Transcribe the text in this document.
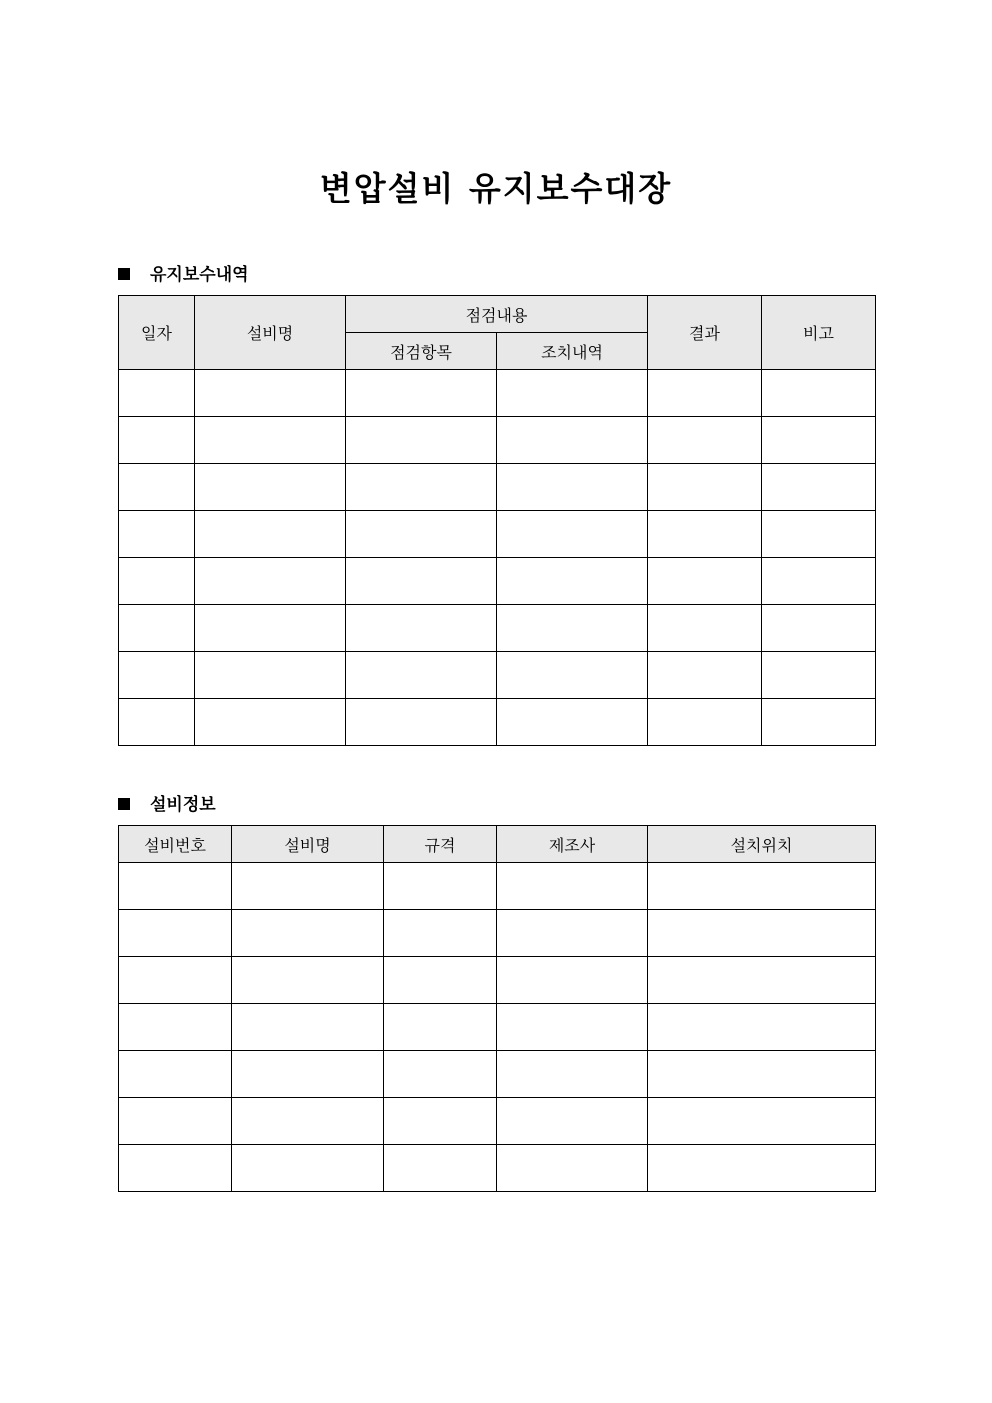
변압설비 유지보수대장
유지보수내역
일자	설비명	점검내용		결과	비고
		점검항목	조치내역		

설비정보
설비번호	설비명	규격	제조사	설치위치
